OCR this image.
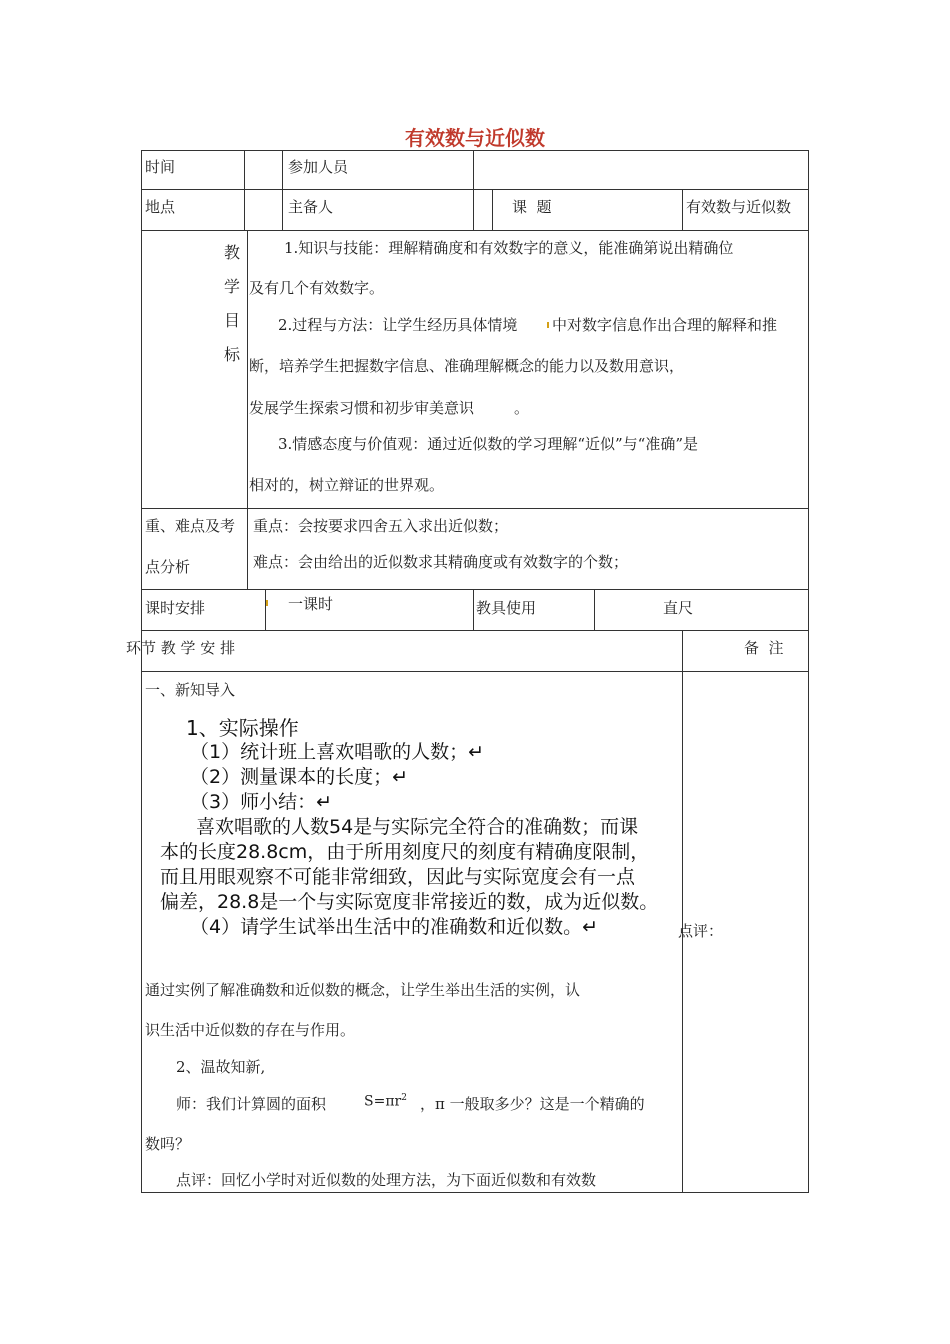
有效数与近似数
时间	参加人员
地点	主备人	课  题	有效数与近似数
教
学
目
标
1.知识与技能：理解精确度和有效数字的意义，能准确第说出精确位
及有几个有效数字。
2.过程与方法：让学生经历具体情境 中对数字信息作出合理的解释和推
断，培养学生把握数字信息、准确理解概念的能力以及数用意识，
发展学生探索习惯和初步审美意识	。
3.情感态度与价值观：通过近似数的学习理解“近似”与“准确”是
相对的，树立辩证的世界观。
重、难点及考
点分析
重点：会按要求四舍五入求出近似数；
难点：会由给出的近似数求其精确度或有效数字的个数；
课时安排	一课时	教具使用	直尺
环节 教 学 安 排	备  注
一、新知导入
1、实际操作
（1）统计班上喜欢唱歌的人数；↵
（2）测量课本的长度；↵
（3）师小结：↵
喜欢唱歌的人数54是与实际完全符合的准确数；而课
本的长度28.8cm，由于所用刻度尺的刻度有精确度限制，
而且用眼观察不可能非常细致，因此与实际宽度会有一点
偏差，28.8是一个与实际宽度非常接近的数，成为近似数。
（4）请学生试举出生活中的准确数和近似数。↵	点评：
通过实例了解准确数和近似数的概念，让学生举出生活的实例，认
识生活中近似数的存在与作用。
2、温故知新,
师：我们计算圆的面积	$S=\pi r^2$ ，π 一般取多少？这是一个精确的
数吗？
点评：回忆小学时对近似数的处理方法，为下面近似数和有效数
